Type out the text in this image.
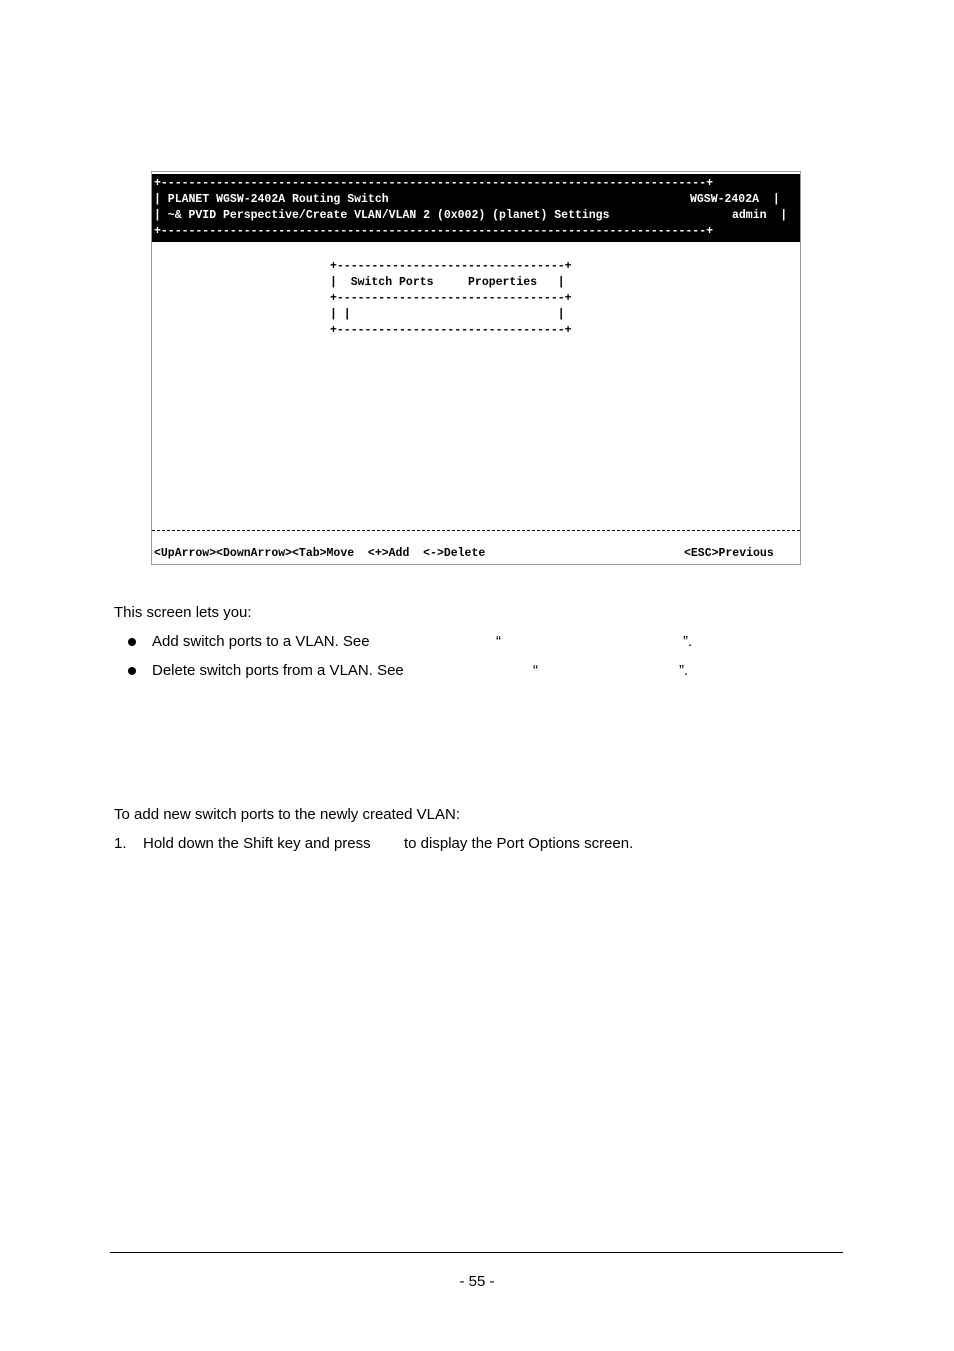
+-------------------------------------------------------------------------------+
| PLANET WGSW-2402A Routing Switch	WGSW-2402A  |
| ~& PVID Perspective/Create VLAN/VLAN 2 (0x002) (planet) Settings	admin  |
+-------------------------------------------------------------------------------+
+---------------------------------+
|  Switch Ports     Properties   |
+---------------------------------+
| |                              |
+---------------------------------+
<UpArrow><DownArrow><Tab>Move  <+>Add  <->Delete	<ESC>Previous
This screen lets you:
Add switch ports to a VLAN. See	“	”.
Delete switch ports from a VLAN. See	“	”.
To add new switch ports to the newly created VLAN:
1. Hold down the Shift key and press to display the Port Options screen.
- 55 -
